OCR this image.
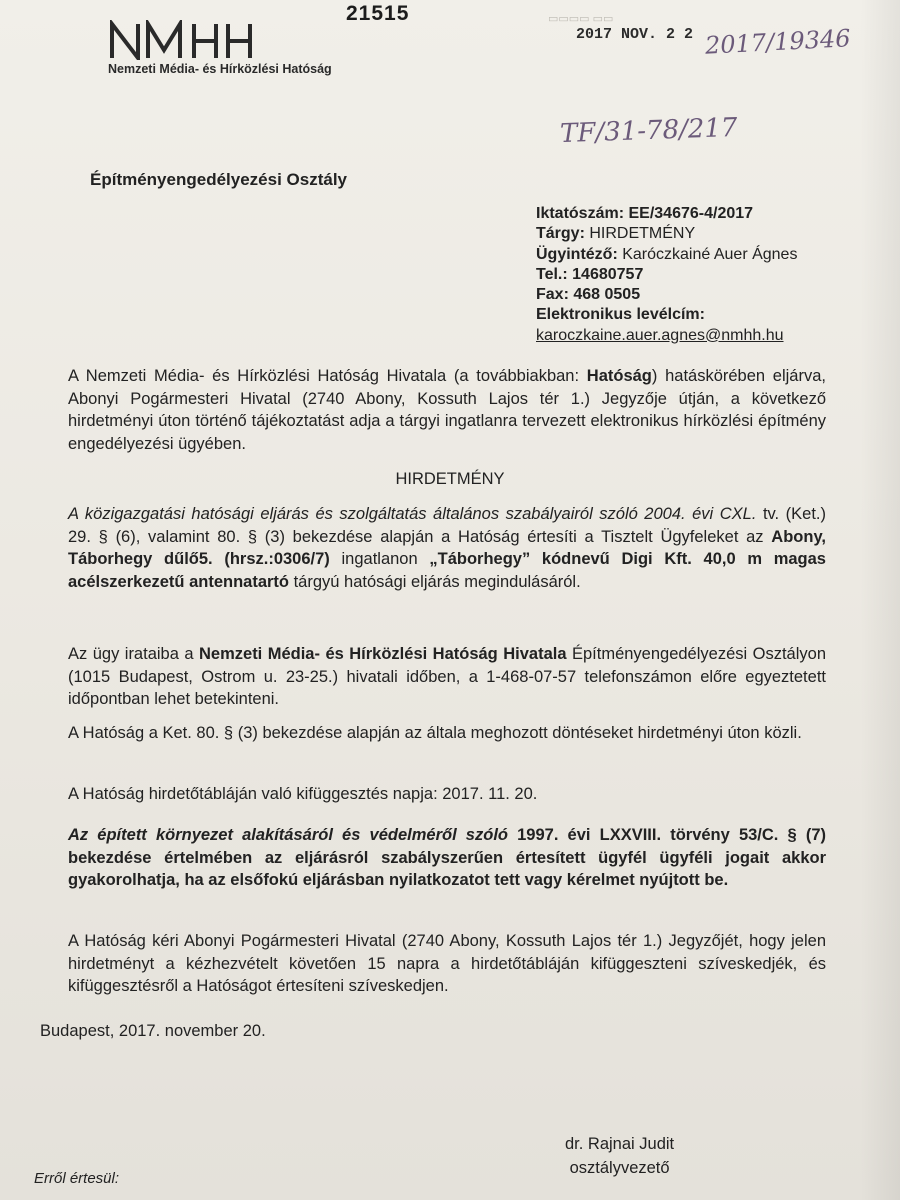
▭▭▭▭ ▭▭
Nemzeti Média- és Hírközlési Hatóság
21515
2017 NOV. 2 2 2017/19346
TF/31-78/217
Építményengedélyezési Osztály
Iktatószám: EE/34676-4/2017
Tárgy: HIRDETMÉNY
Ügyintéző: Karóczkainé Auer Ágnes
Tel.: 14680757
Fax: 468 0505
Elektronikus levélcím:
karoczkaine.auer.agnes@nmhh.hu
A Nemzeti Média- és Hírközlési Hatóság Hivatala (a továbbiakban: Hatóság) hatáskörében eljárva, Abonyi Pogármesteri Hivatal (2740 Abony, Kossuth Lajos tér 1.) Jegyzője útján, a következő hirdetményi úton történő tájékoztatást adja a tárgyi ingatlanra tervezett elektronikus hírközlési építmény engedélyezési ügyében.
HIRDETMÉNY
A közigazgatási hatósági eljárás és szolgáltatás általános szabályairól szóló 2004. évi CXL. tv. (Ket.) 29. § (6), valamint 80. § (3) bekezdése alapján a Hatóság értesíti a Tisztelt Ügyfeleket az Abony, Táborhegy dűlő5. (hrsz.:0306/7) ingatlanon „Táborhegy” kódnevű Digi Kft. 40,0 m magas acélszerkezetű antennatartó tárgyú hatósági eljárás megindulásáról.
Az ügy irataiba a Nemzeti Média- és Hírközlési Hatóság Hivatala Építményengedélyezési Osztályon (1015 Budapest, Ostrom u. 23-25.) hivatali időben, a 1-468-07-57 telefonszámon előre egyeztetett időpontban lehet betekinteni.
A Hatóság a Ket. 80. § (3) bekezdése alapján az általa meghozott döntéseket hirdetményi úton közli.
A Hatóság hirdetőtábláján való kifüggesztés napja: 2017. 11. 20.
Az épített környezet alakításáról és védelméről szóló 1997. évi LXXVIII. törvény 53/C. § (7) bekezdése értelmében az eljárásról szabályszerűen értesített ügyfél ügyféli jogait akkor gyakorolhatja, ha az elsőfokú eljárásban nyilatkozatot tett vagy kérelmet nyújtott be.
A Hatóság kéri Abonyi Pogármesteri Hivatal (2740 Abony, Kossuth Lajos tér 1.) Jegyzőjét, hogy jelen hirdetményt a kézhezvételt követően 15 napra a hirdetőtábláján kifüggeszteni szíveskedjék, és kifüggesztésről a Hatóságot értesíteni szíveskedjen.
Budapest, 2017. november 20.
dr. Rajnai Judit
osztályvezető
Erről értesül:
